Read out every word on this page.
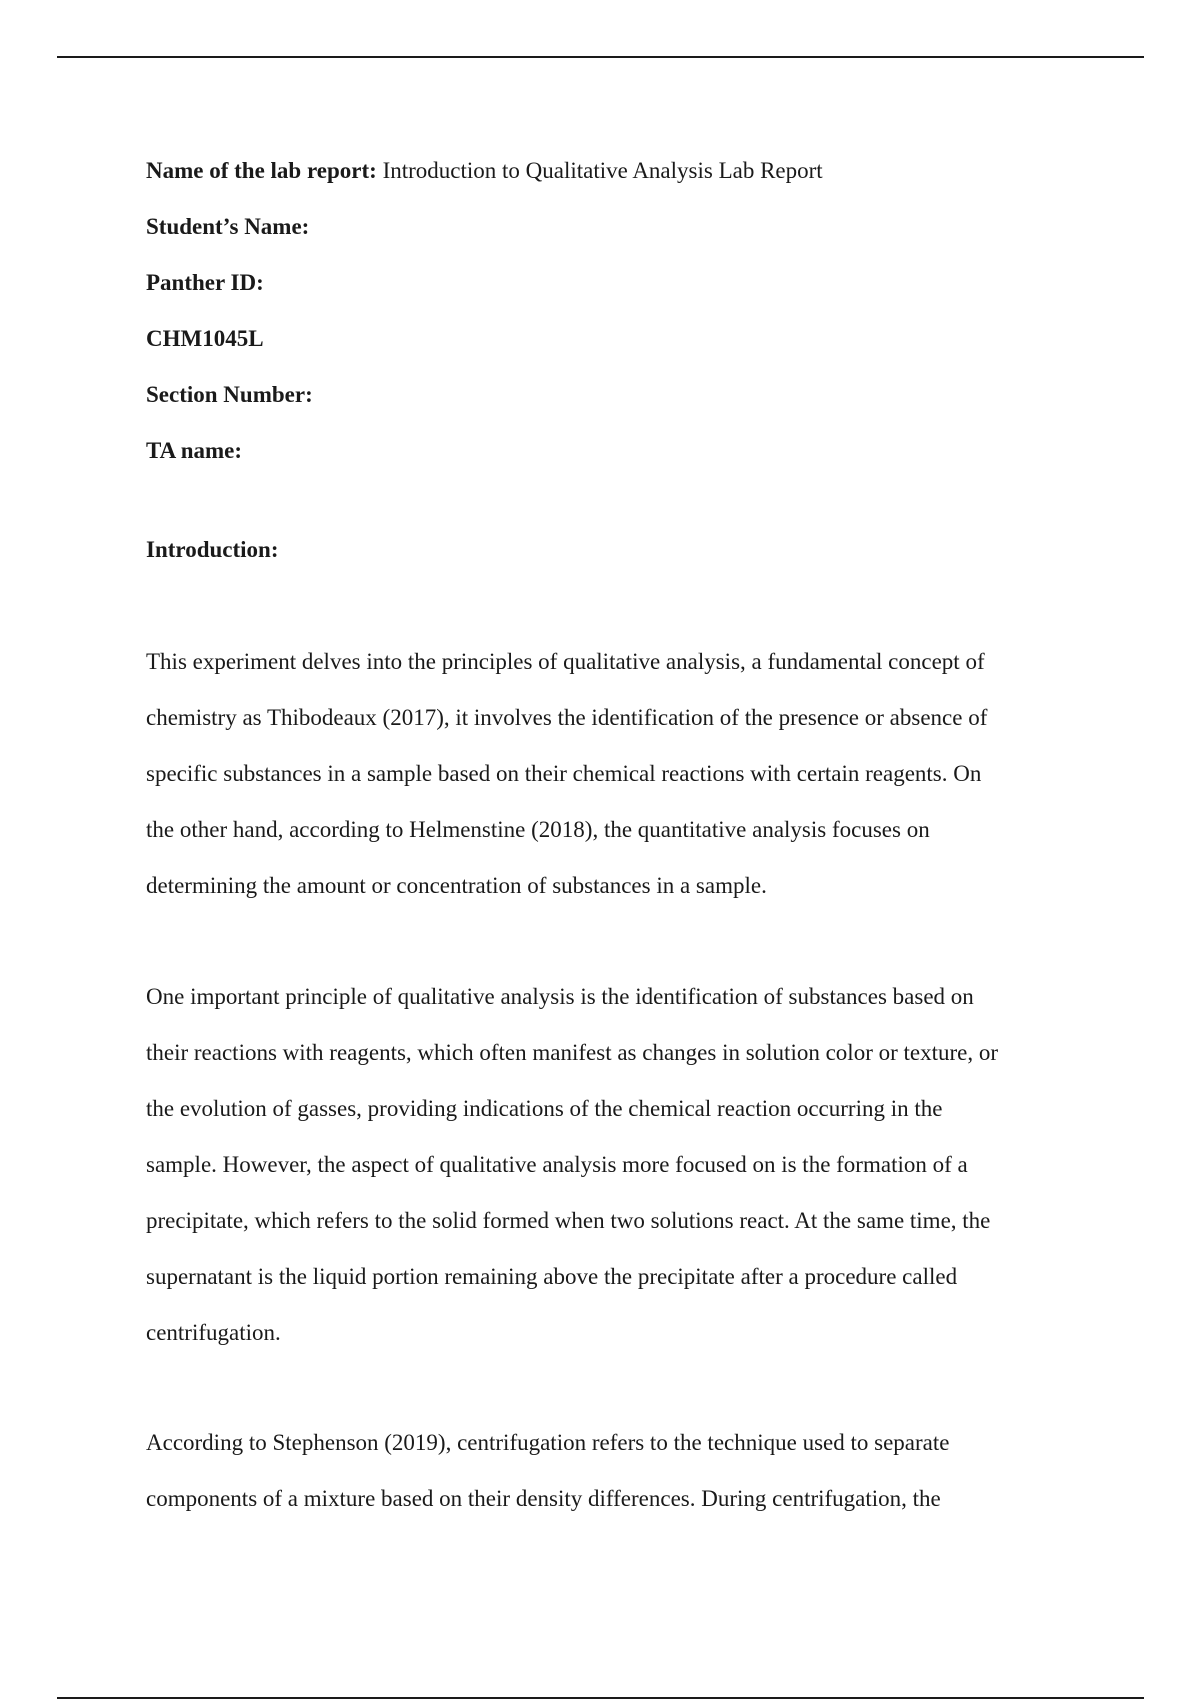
Name of the lab report: Introduction to Qualitative Analysis Lab Report
Student’s Name:
Panther ID:
CHM1045L
Section Number:
TA name:
Introduction:

This experiment delves into the principles of qualitative analysis, a fundamental concept of
chemistry as Thibodeaux (2017), it involves the identification of the presence or absence of
specific substances in a sample based on their chemical reactions with certain reagents. On
the other hand, according to Helmenstine (2018), the quantitative analysis focuses on
determining the amount or concentration of substances in a sample.

One important principle of qualitative analysis is the identification of substances based on
their reactions with reagents, which often manifest as changes in solution color or texture, or
the evolution of gasses, providing indications of the chemical reaction occurring in the
sample. However, the aspect of qualitative analysis more focused on is the formation of a
precipitate, which refers to the solid formed when two solutions react. At the same time, the
supernatant is the liquid portion remaining above the precipitate after a procedure called
centrifugation.

According to Stephenson (2019), centrifugation refers to the technique used to separate
components of a mixture based on their density differences. During centrifugation, the
